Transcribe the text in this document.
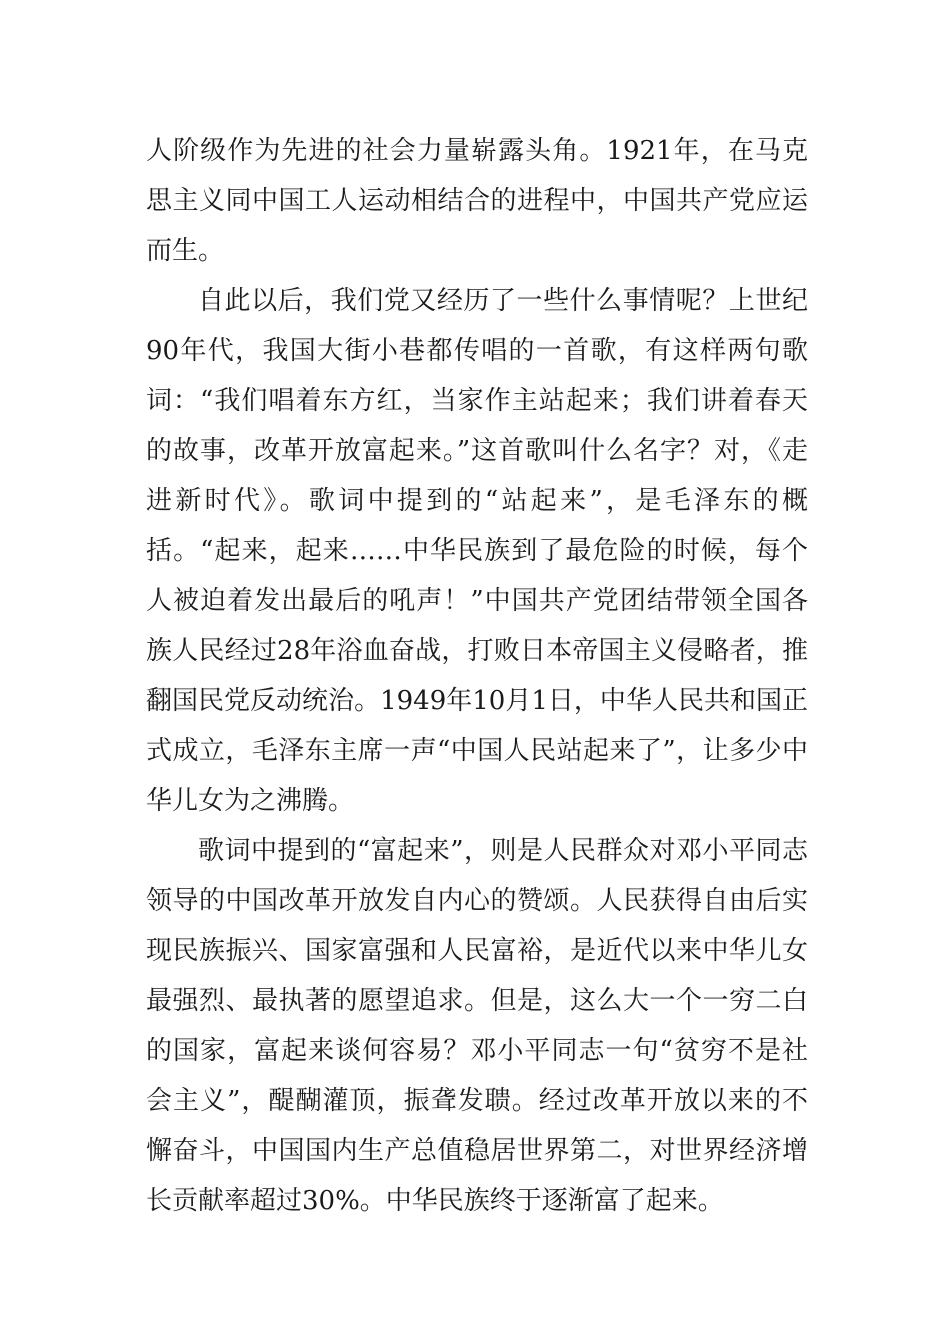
人阶级作为先进的社会力量崭露头角。1921年，在马克思主义同中国工人运动相结合的进程中，中国共产党应运而生。

自此以后，我们党又经历了一些什么事情呢？上世纪90年代，我国大街小巷都传唱的一首歌，有这样两句歌词：“我们唱着东方红，当家作主站起来；我们讲着春天的故事，改革开放富起来。”这首歌叫什么名字？对，《走进新时代》。歌词中提到的“站起来”，是毛泽东的概括。“起来，起来……中华民族到了最危险的时候，每个人被迫着发出最后的吼声！”中国共产党团结带领全国各族人民经过28年浴血奋战，打败日本帝国主义侵略者，推翻国民党反动统治。1949年10月1日，中华人民共和国正式成立，毛泽东主席一声“中国人民站起来了”，让多少中华儿女为之沸腾。

歌词中提到的“富起来”，则是人民群众对邓小平同志领导的中国改革开放发自内心的赞颂。人民获得自由后实现民族振兴、国家富强和人民富裕，是近代以来中华儿女最强烈、最执著的愿望追求。但是，这么大一个一穷二白的国家，富起来谈何容易？邓小平同志一句“贫穷不是社会主义”，醍醐灌顶，振聋发聩。经过改革开放以来的不懈奋斗，中国国内生产总值稳居世界第二，对世界经济增长贡献率超过30%。中华民族终于逐渐富了起来。
